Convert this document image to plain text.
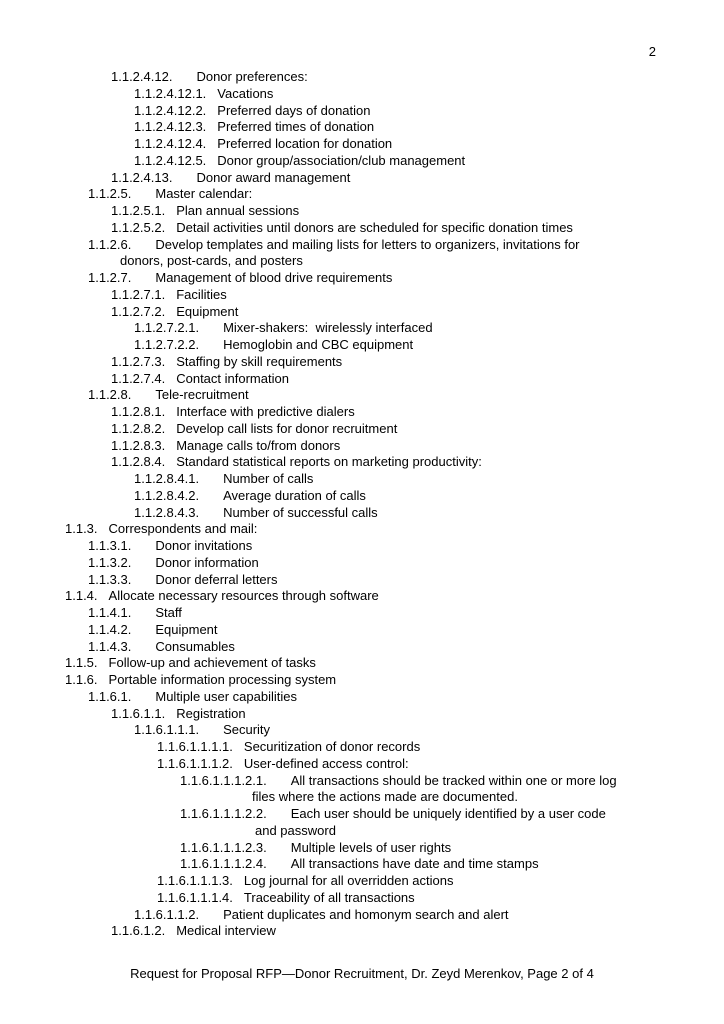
2
1.1.2.4.12. Donor preferences:
1.1.2.4.12.1. Vacations
1.1.2.4.12.2. Preferred days of donation
1.1.2.4.12.3. Preferred times of donation
1.1.2.4.12.4. Preferred location for donation
1.1.2.4.12.5. Donor group/association/club management
1.1.2.4.13. Donor award management
1.1.2.5. Master calendar:
1.1.2.5.1. Plan annual sessions
1.1.2.5.2. Detail activities until donors are scheduled for specific donation times
1.1.2.6. Develop templates and mailing lists for letters to organizers, invitations for
donors, post-cards, and posters
1.1.2.7. Management of blood drive requirements
1.1.2.7.1. Facilities
1.1.2.7.2. Equipment
1.1.2.7.2.1. Mixer-shakers:  wirelessly interfaced
1.1.2.7.2.2. Hemoglobin and CBC equipment
1.1.2.7.3. Staffing by skill requirements
1.1.2.7.4. Contact information
1.1.2.8. Tele-recruitment
1.1.2.8.1. Interface with predictive dialers
1.1.2.8.2. Develop call lists for donor recruitment
1.1.2.8.3. Manage calls to/from donors
1.1.2.8.4. Standard statistical reports on marketing productivity:
1.1.2.8.4.1. Number of calls
1.1.2.8.4.2. Average duration of calls
1.1.2.8.4.3. Number of successful calls
1.1.3. Correspondents and mail:
1.1.3.1. Donor invitations
1.1.3.2. Donor information
1.1.3.3. Donor deferral letters
1.1.4. Allocate necessary resources through software
1.1.4.1. Staff
1.1.4.2. Equipment
1.1.4.3. Consumables
1.1.5. Follow-up and achievement of tasks
1.1.6. Portable information processing system
1.1.6.1. Multiple user capabilities
1.1.6.1.1. Registration
1.1.6.1.1.1. Security
1.1.6.1.1.1.1. Securitization of donor records
1.1.6.1.1.1.2. User-defined access control:
1.1.6.1.1.1.2.1. All transactions should be tracked within one or more log
files where the actions made are documented.
1.1.6.1.1.1.2.2. Each user should be uniquely identified by a user code
and password
1.1.6.1.1.1.2.3. Multiple levels of user rights
1.1.6.1.1.1.2.4. All transactions have date and time stamps
1.1.6.1.1.1.3. Log journal for all overridden actions
1.1.6.1.1.1.4. Traceability of all transactions
1.1.6.1.1.2. Patient duplicates and homonym search and alert
1.1.6.1.2. Medical interview
Request for Proposal RFP—Donor Recruitment, Dr. Zeyd Merenkov, Page 2 of 4
